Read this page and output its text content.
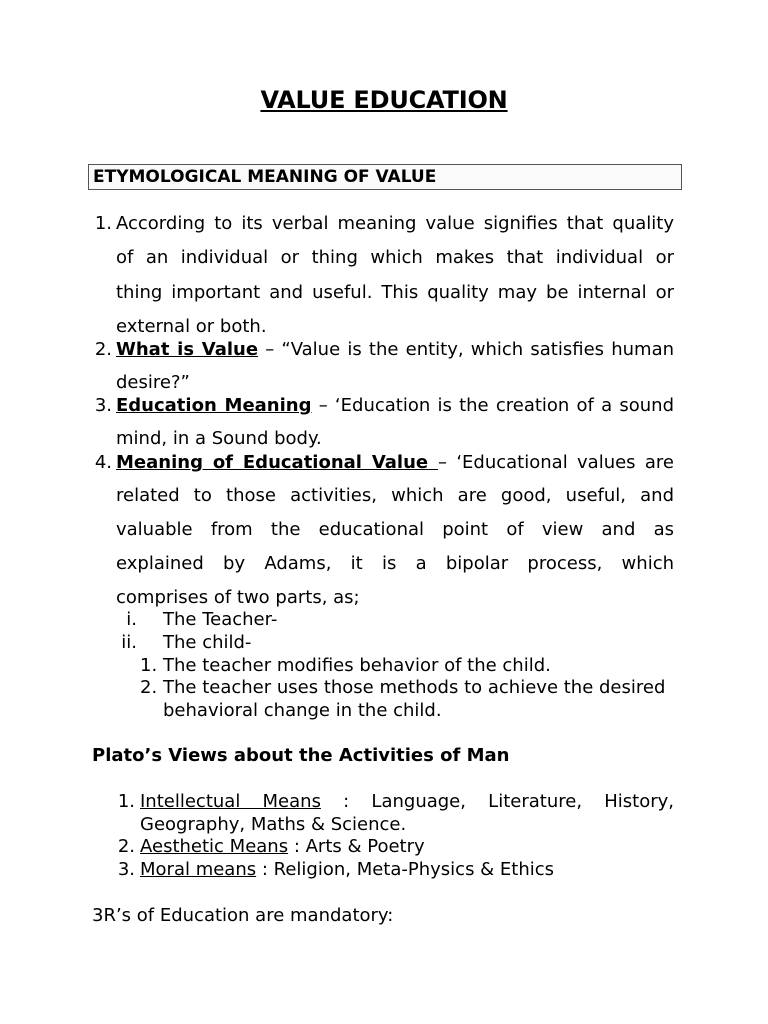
VALUE EDUCATION
ETYMOLOGICAL MEANING OF VALUE
1. According to its verbal meaning value signifies that quality
of an individual or thing which makes that individual or
thing important and useful. This quality may be internal or
external or both.
2. What is Value – “Value is the entity, which satisfies human
desire?”
3. Education Meaning – ‘Education is the creation of a sound
mind, in a Sound body.
4. Meaning of Educational Value – ‘Educational values are
related to those activities, which are good, useful, and
valuable from the educational point of view and as
explained by Adams, it is a bipolar process, which
comprises of two parts, as;
i. The Teacher-
ii. The child-
1. The teacher modifies behavior of the child.
2. The teacher uses those methods to achieve the desired
behavioral change in the child.
Plato’s Views about the Activities of Man
1. Intellectual Means : Language, Literature, History,
Geography, Maths & Science.
2. Aesthetic Means : Arts & Poetry
3. Moral means : Religion, Meta-Physics & Ethics
3R’s of Education are mandatory:
